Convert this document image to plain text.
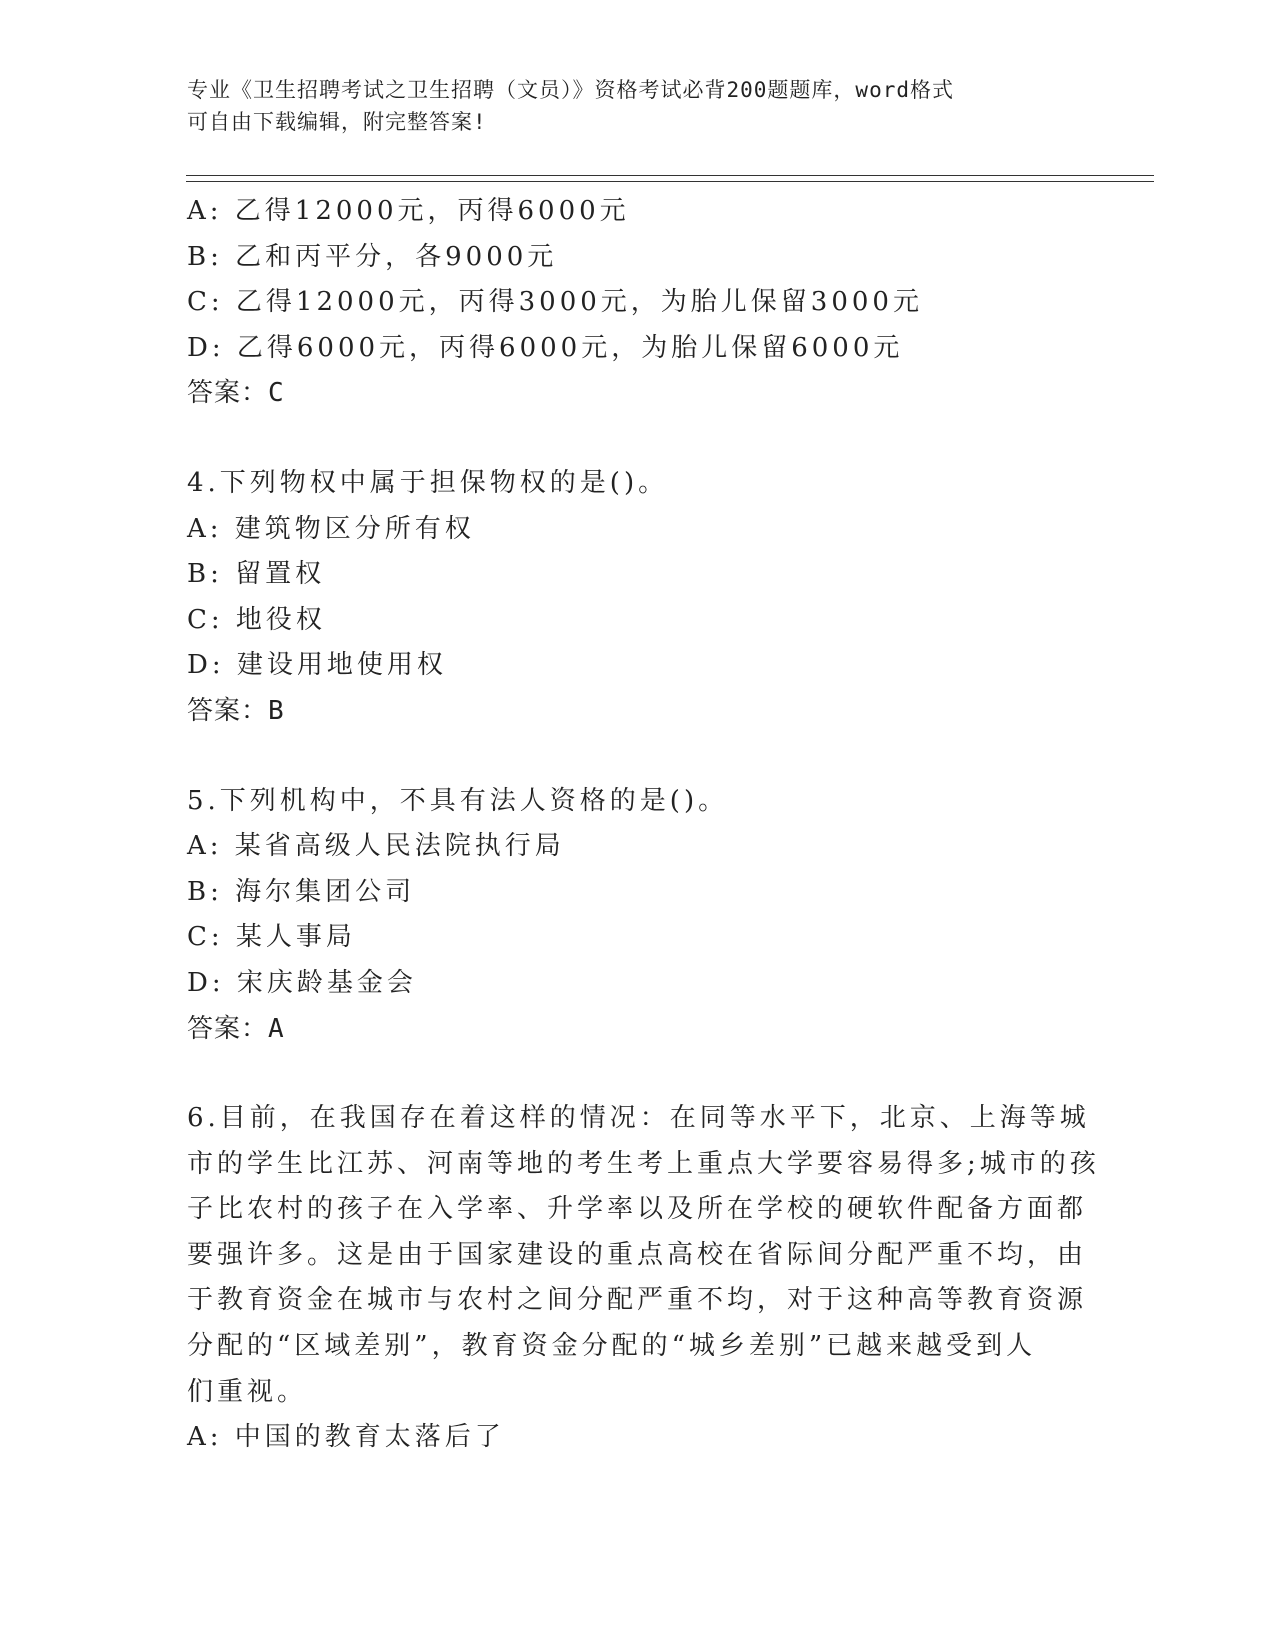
专业《卫生招聘考试之卫生招聘（文员）》资格考试必背200题题库，word格式
可自由下载编辑，附完整答案!
A: 乙得12000元，丙得6000元
B: 乙和丙平分，各9000元
C: 乙得12000元，丙得3000元，为胎儿保留3000元
D: 乙得6000元，丙得6000元，为胎儿保留6000元
答案：C
4.下列物权中属于担保物权的是()。
A: 建筑物区分所有权
B: 留置权
C: 地役权
D: 建设用地使用权
答案：B
5.下列机构中，不具有法人资格的是()。
A: 某省高级人民法院执行局
B: 海尔集团公司
C: 某人事局
D: 宋庆龄基金会
答案：A
6.目前，在我国存在着这样的情况：在同等水平下，北京、上海等城
市的学生比江苏、河南等地的考生考上重点大学要容易得多;城市的孩
子比农村的孩子在入学率、升学率以及所在学校的硬软件配备方面都
要强许多。这是由于国家建设的重点高校在省际间分配严重不均，由
于教育资金在城市与农村之间分配严重不均，对于这种高等教育资源
分配的“区域差别”，教育资金分配的“城乡差别”已越来越受到人
们重视。
A: 中国的教育太落后了
